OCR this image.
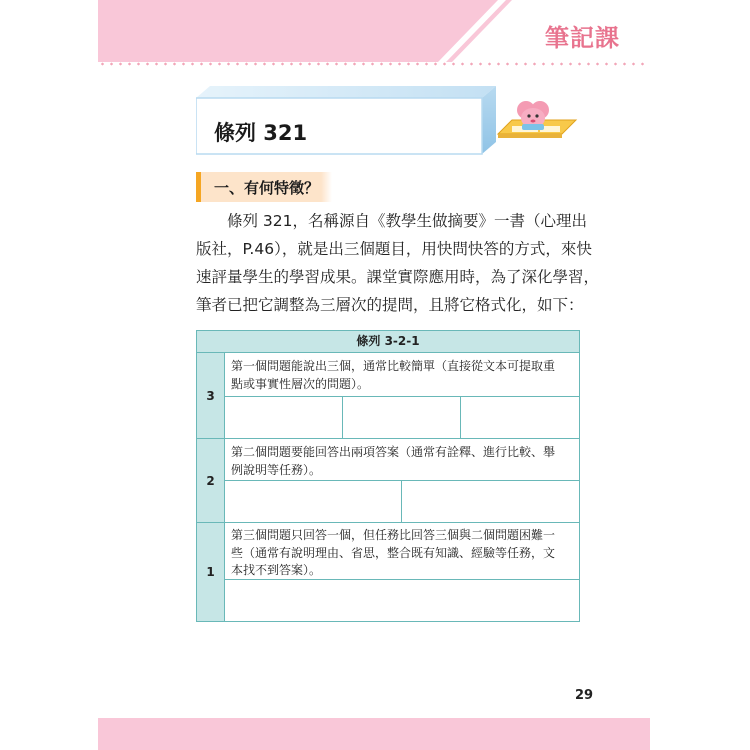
筆記課
條列 321
一、有何特徵？
　　條列 321，名稱源自《教學生做摘要》一書（心理出
版社，P.46），就是出三個題目，用快問快答的方式，來快
速評量學生的學習成果。課堂實際應用時，為了深化學習，
筆者已把它調整為三層次的提問，且將它格式化，如下：
條列 3-2-1
3
第一個問題能說出三個，通常比較簡單（直接從文本可提取重
點或事實性層次的問題）。
2
第二個問題要能回答出兩項答案（通常有詮釋、進行比較、舉
例說明等任務）。
1
第三個問題只回答一個，但任務比回答三個與二個問題困難一
些（通常有說明理由、省思，整合既有知識、經驗等任務，文
本找不到答案）。
29
